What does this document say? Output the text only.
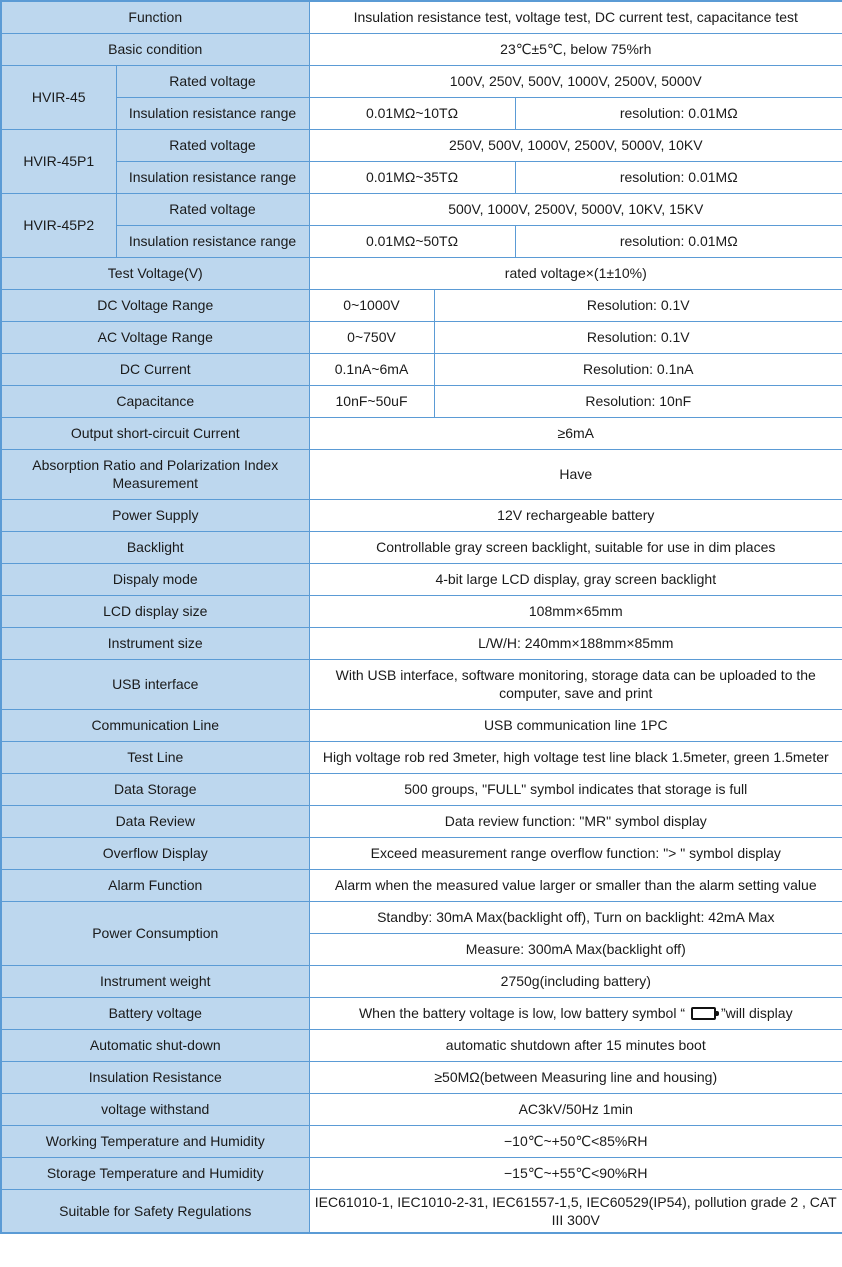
Function		Insulation resistance test, voltage test, DC current test, capacitance test		
Basic condition		23℃±5℃, below 75%rh		
HVIR-45	Rated voltage	100V, 250V, 500V, 1000V, 2500V, 5000V		
	Insulation resistance range	0.01MΩ~10TΩ		resolution: 0.01MΩ
HVIR-45P1	Rated voltage	250V, 500V, 1000V, 2500V, 5000V, 10KV		
	Insulation resistance range	0.01MΩ~35TΩ		resolution: 0.01MΩ
HVIR-45P2	Rated voltage	500V, 1000V, 2500V, 5000V, 10KV, 15KV		
	Insulation resistance range	0.01MΩ~50TΩ		resolution: 0.01MΩ
Test Voltage(V)		rated voltage×(1±10%)		
DC Voltage Range		0~1000V	Resolution: 0.1V	
AC Voltage Range		0~750V	Resolution: 0.1V	
DC Current		0.1nA~6mA	Resolution: 0.1nA	
Capacitance		10nF~50uF	Resolution: 10nF	
Output short-circuit Current		≥6mA		
Absorption Ratio and Polarization Index Measurement		Have		
Power Supply		12V rechargeable battery		
Backlight		Controllable gray screen backlight, suitable for use in dim places		
Dispaly mode		4-bit large LCD display, gray screen backlight		
LCD display size		108mm×65mm		
Instrument size		L/W/H: 240mm×188mm×85mm		
USB interface		With USB interface, software monitoring, storage data can be uploaded to the computer, save and print		
Communication Line		USB communication line 1PC		
Test Line		High voltage rob red 3meter, high voltage test line black 1.5meter, green 1.5meter		
Data Storage		500 groups, "FULL" symbol indicates that storage is full		
Data Review		Data review function: "MR" symbol display		
Overflow Display		Exceed measurement range overflow function: "> " symbol display		
Alarm Function		Alarm when the measured value larger or smaller than the alarm setting value		
Power Consumption		Standby: 30mA Max(backlight off), Turn on backlight: 42mA Max		
		Measure: 300mA Max(backlight off)		
Instrument weight		2750g(including battery)		
Battery voltage		When the battery voltage is low, low battery symbol “ ”will display		
Automatic shut-down		automatic shutdown after 15 minutes boot		
Insulation Resistance		≥50MΩ(between Measuring line and housing)		
voltage withstand		AC3kV/50Hz 1min		
Working Temperature and Humidity		−10℃~+50℃<85%RH		
Storage Temperature and Humidity		−15℃~+55℃<90%RH		
Suitable for Safety Regulations		IEC61010-1, IEC1010-2-31, IEC61557-1,5, IEC60529(IP54), pollution grade 2 , CAT III 300V		
